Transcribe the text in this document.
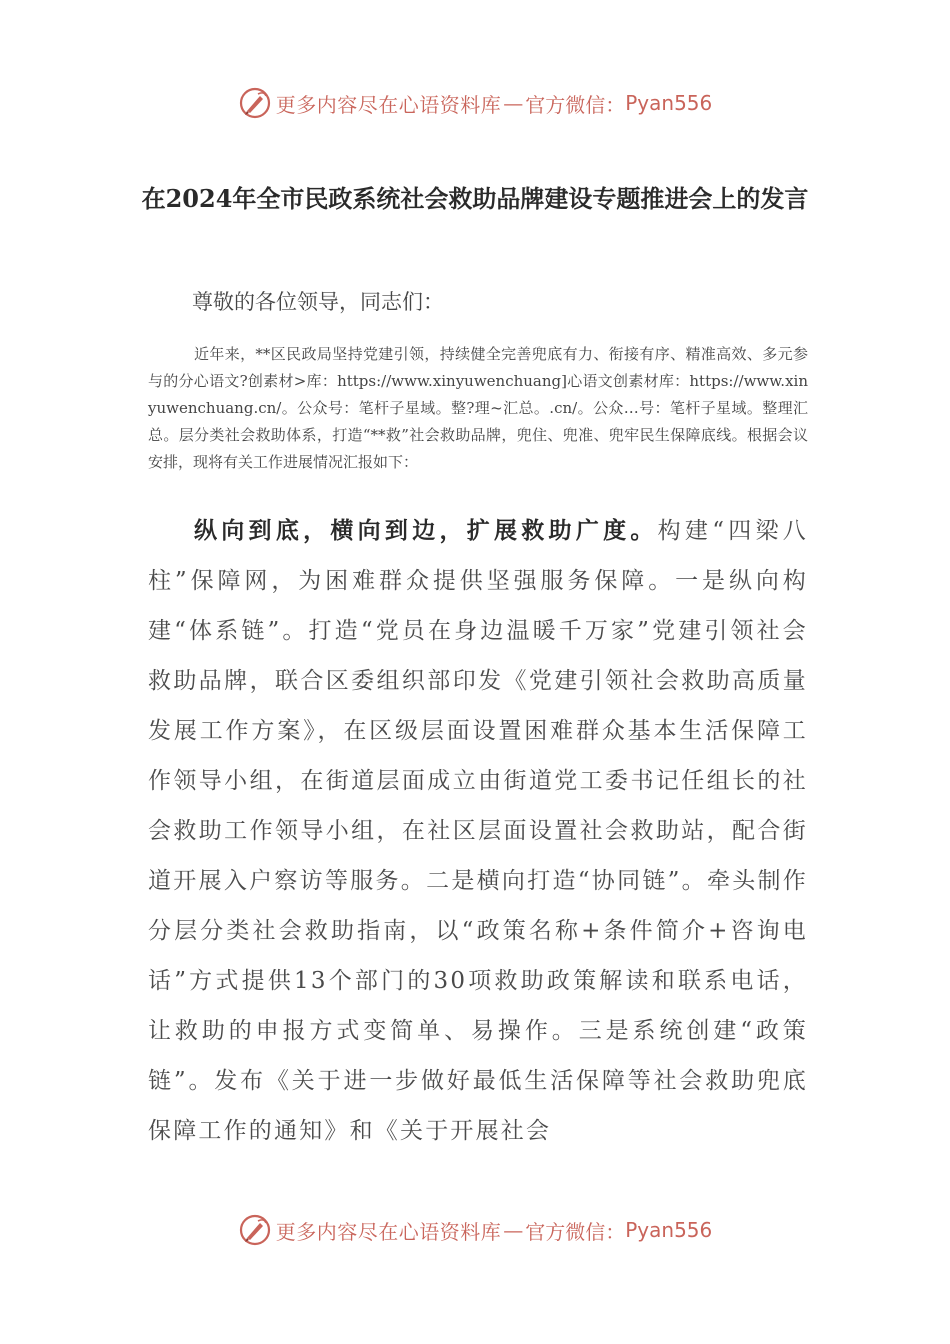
更多内容尽在心语资料库 — 官方微信： Pyan556
在2024年全市民政系统社会救助品牌建设专题推进会上的发言

尊敬的各位领导，同志们：

近年来，**区民政局坚持党建引领，持续健全完善兜底有力、衔接有序、精准高效、多元参与的分心语文?创素材>库：https://www.xinyuwenchuang]心语文创素材库：https://www.xinyuwenchuang.cn/。公众号：笔杆子星域。整?理~汇总。.cn/。公众…号：笔杆子星域。整理汇总。层分类社会救助体系，打造“**救”社会救助品牌，兜住、兜准、兜牢民生保障底线。根据会议安排，现将有关工作进展情况汇报如下：

纵向到底，横向到边，扩展救助广度。构建“四梁八柱”保障网，为困难群众提供坚强服务保障。一是纵向构建“体系链”。打造“党员在身边温暖千万家”党建引领社会救助品牌，联合区委组织部印发《党建引领社会救助高质量发展工作方案》，在区级层面设置困难群众基本生活保障工作领导小组，在街道层面成立由街道党工委书记任组长的社会救助工作领导小组，在社区层面设置社会救助站，配合街道开展入户察访等服务。二是横向打造“协同链”。牵头制作分层分类社会救助指南，以“政策名称+条件简介+咨询电话”方式提供13个部门的30项救助政策解读和联系电话，让救助的申报方式变简单、易操作。三是系统创建“政策链”。发布《关于进一步做好最低生活保障等社会救助兜底保障工作的通知》和《关于开展社会

更多内容尽在心语资料库 — 官方微信： Pyan556
